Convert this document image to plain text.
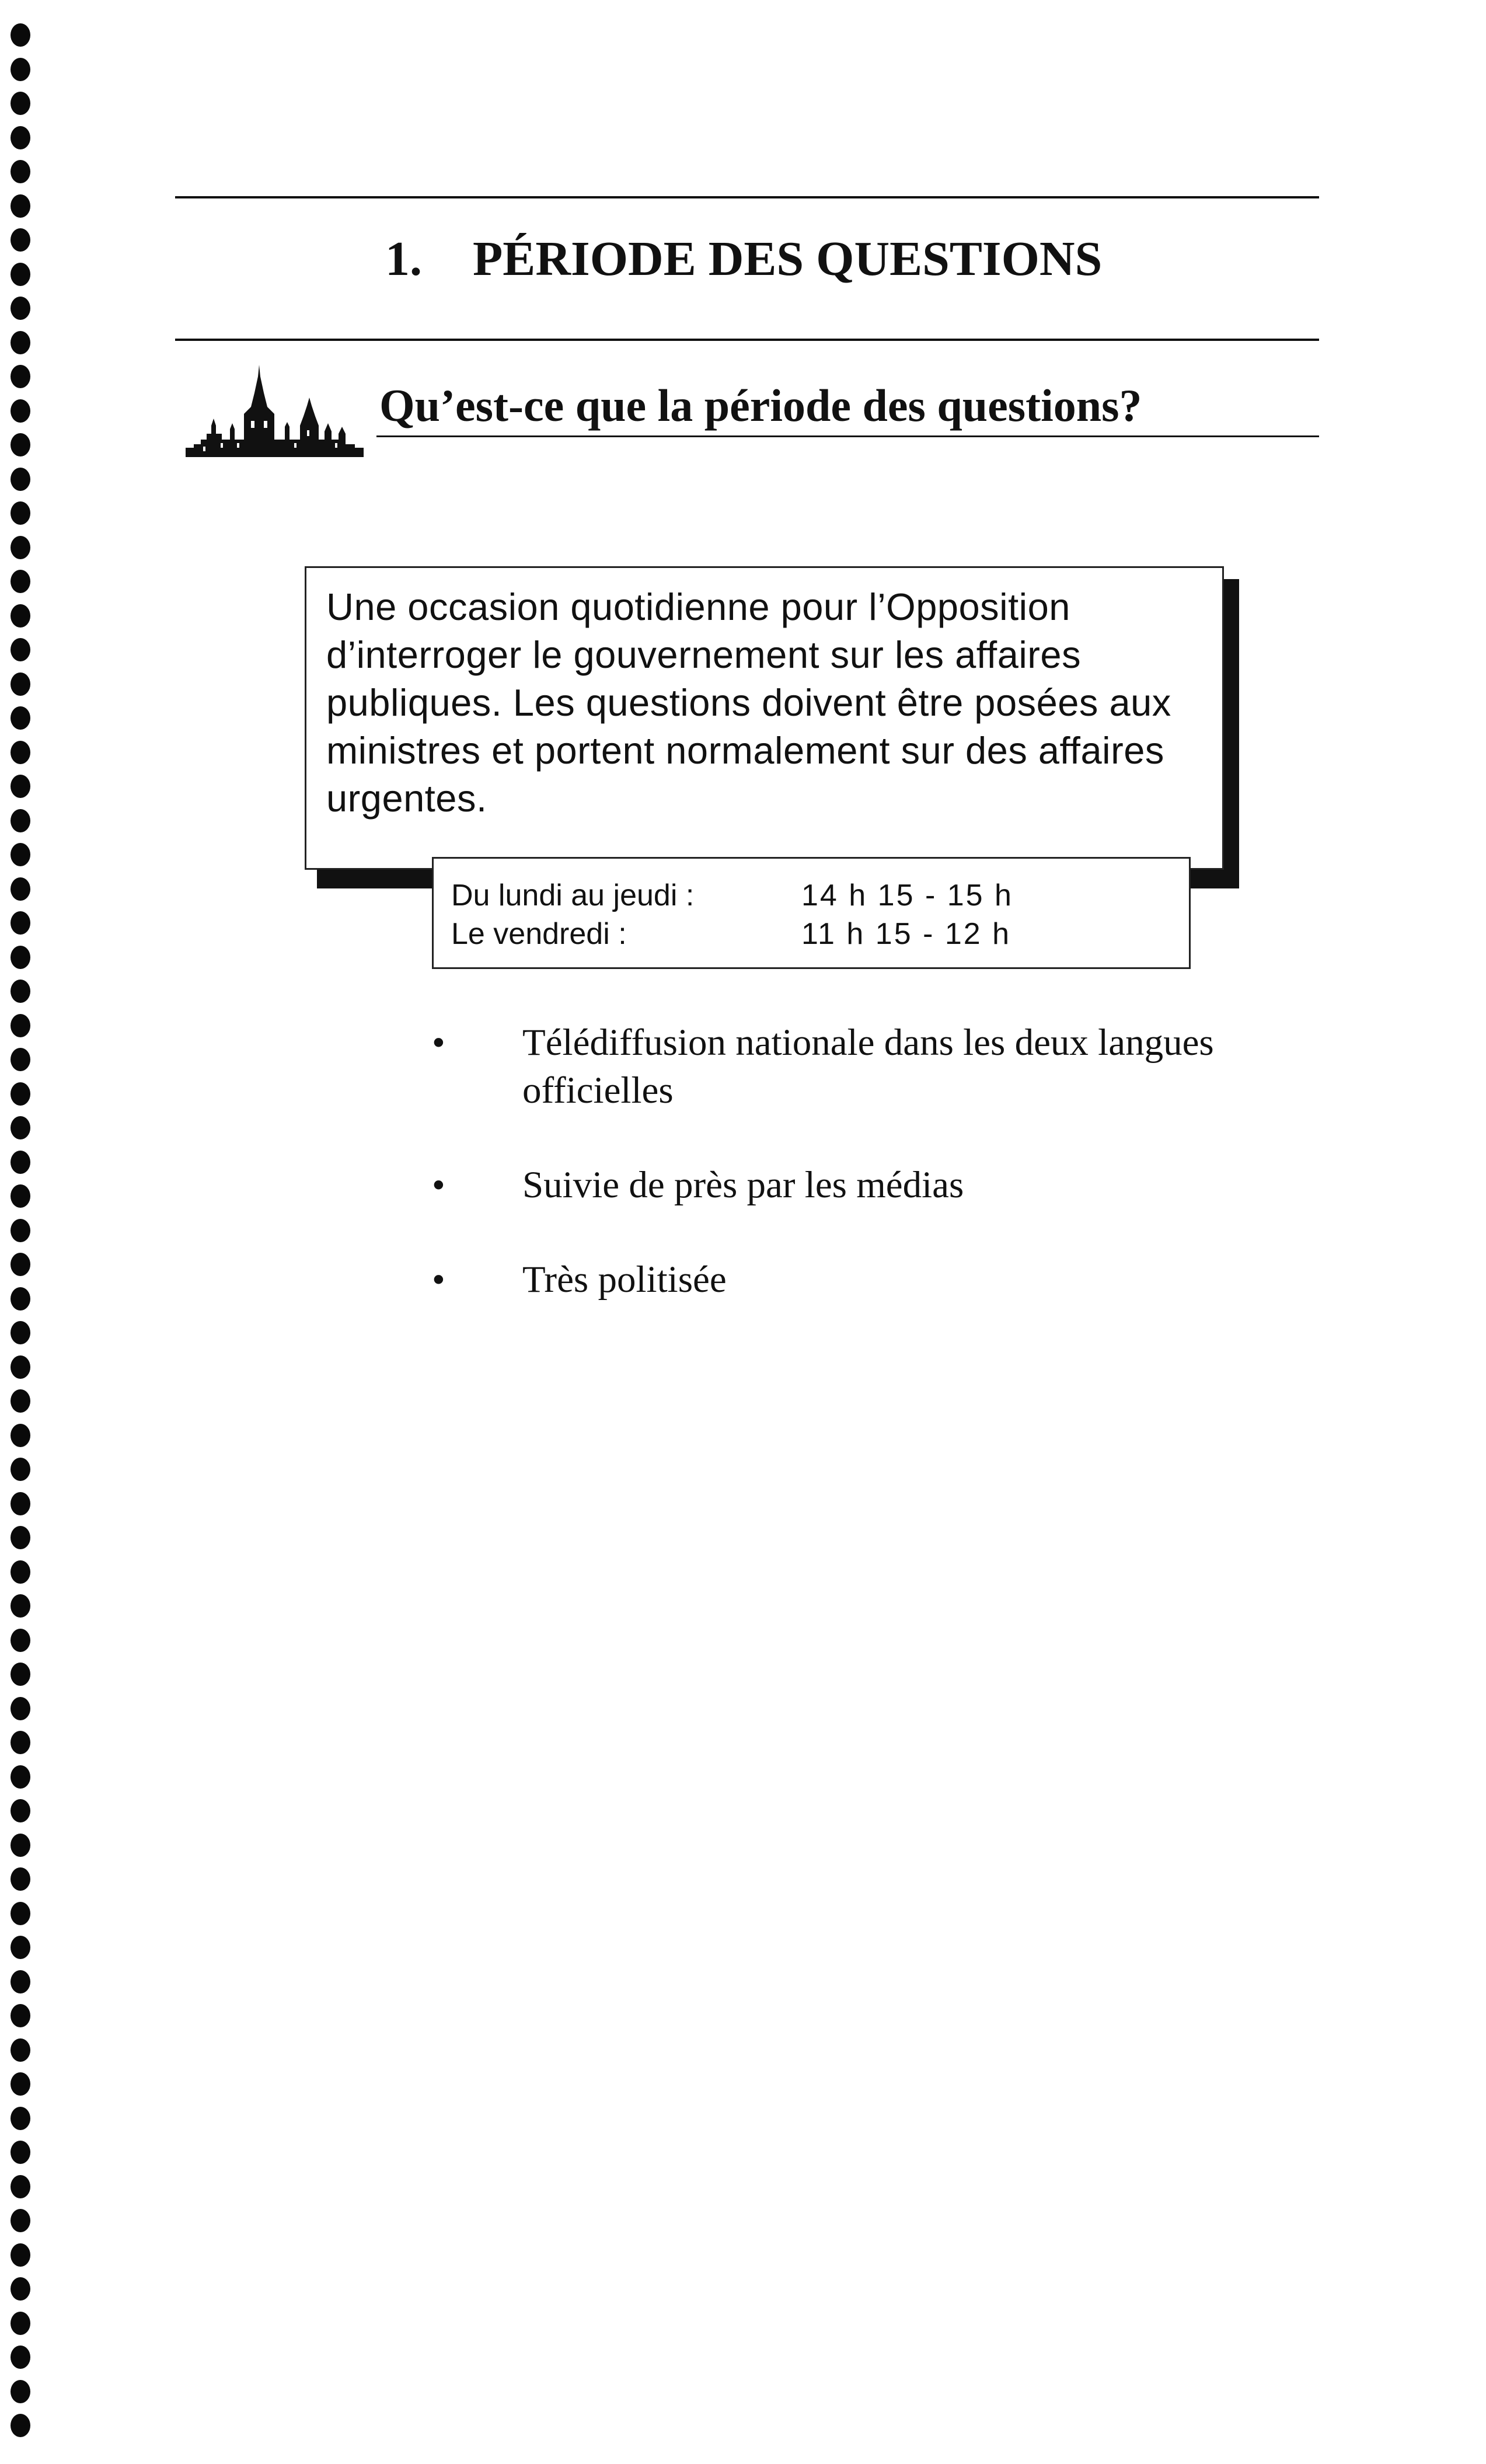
1. PÉRIODE DES QUESTIONS
Qu’est-ce que la période des questions?

Une occasion quotidienne pour l’Opposition d’interroger le gouvernement sur les affaires publiques. Les questions doivent être posées aux ministres et portent normalement sur des affaires urgentes.

Du lundi au jeudi :	14 h 15 - 15 h
Le vendredi :	11 h 15 - 12 h
• Télédiffusion nationale dans les deux langues officielles
• Suivie de près par les médias
• Très politisée
